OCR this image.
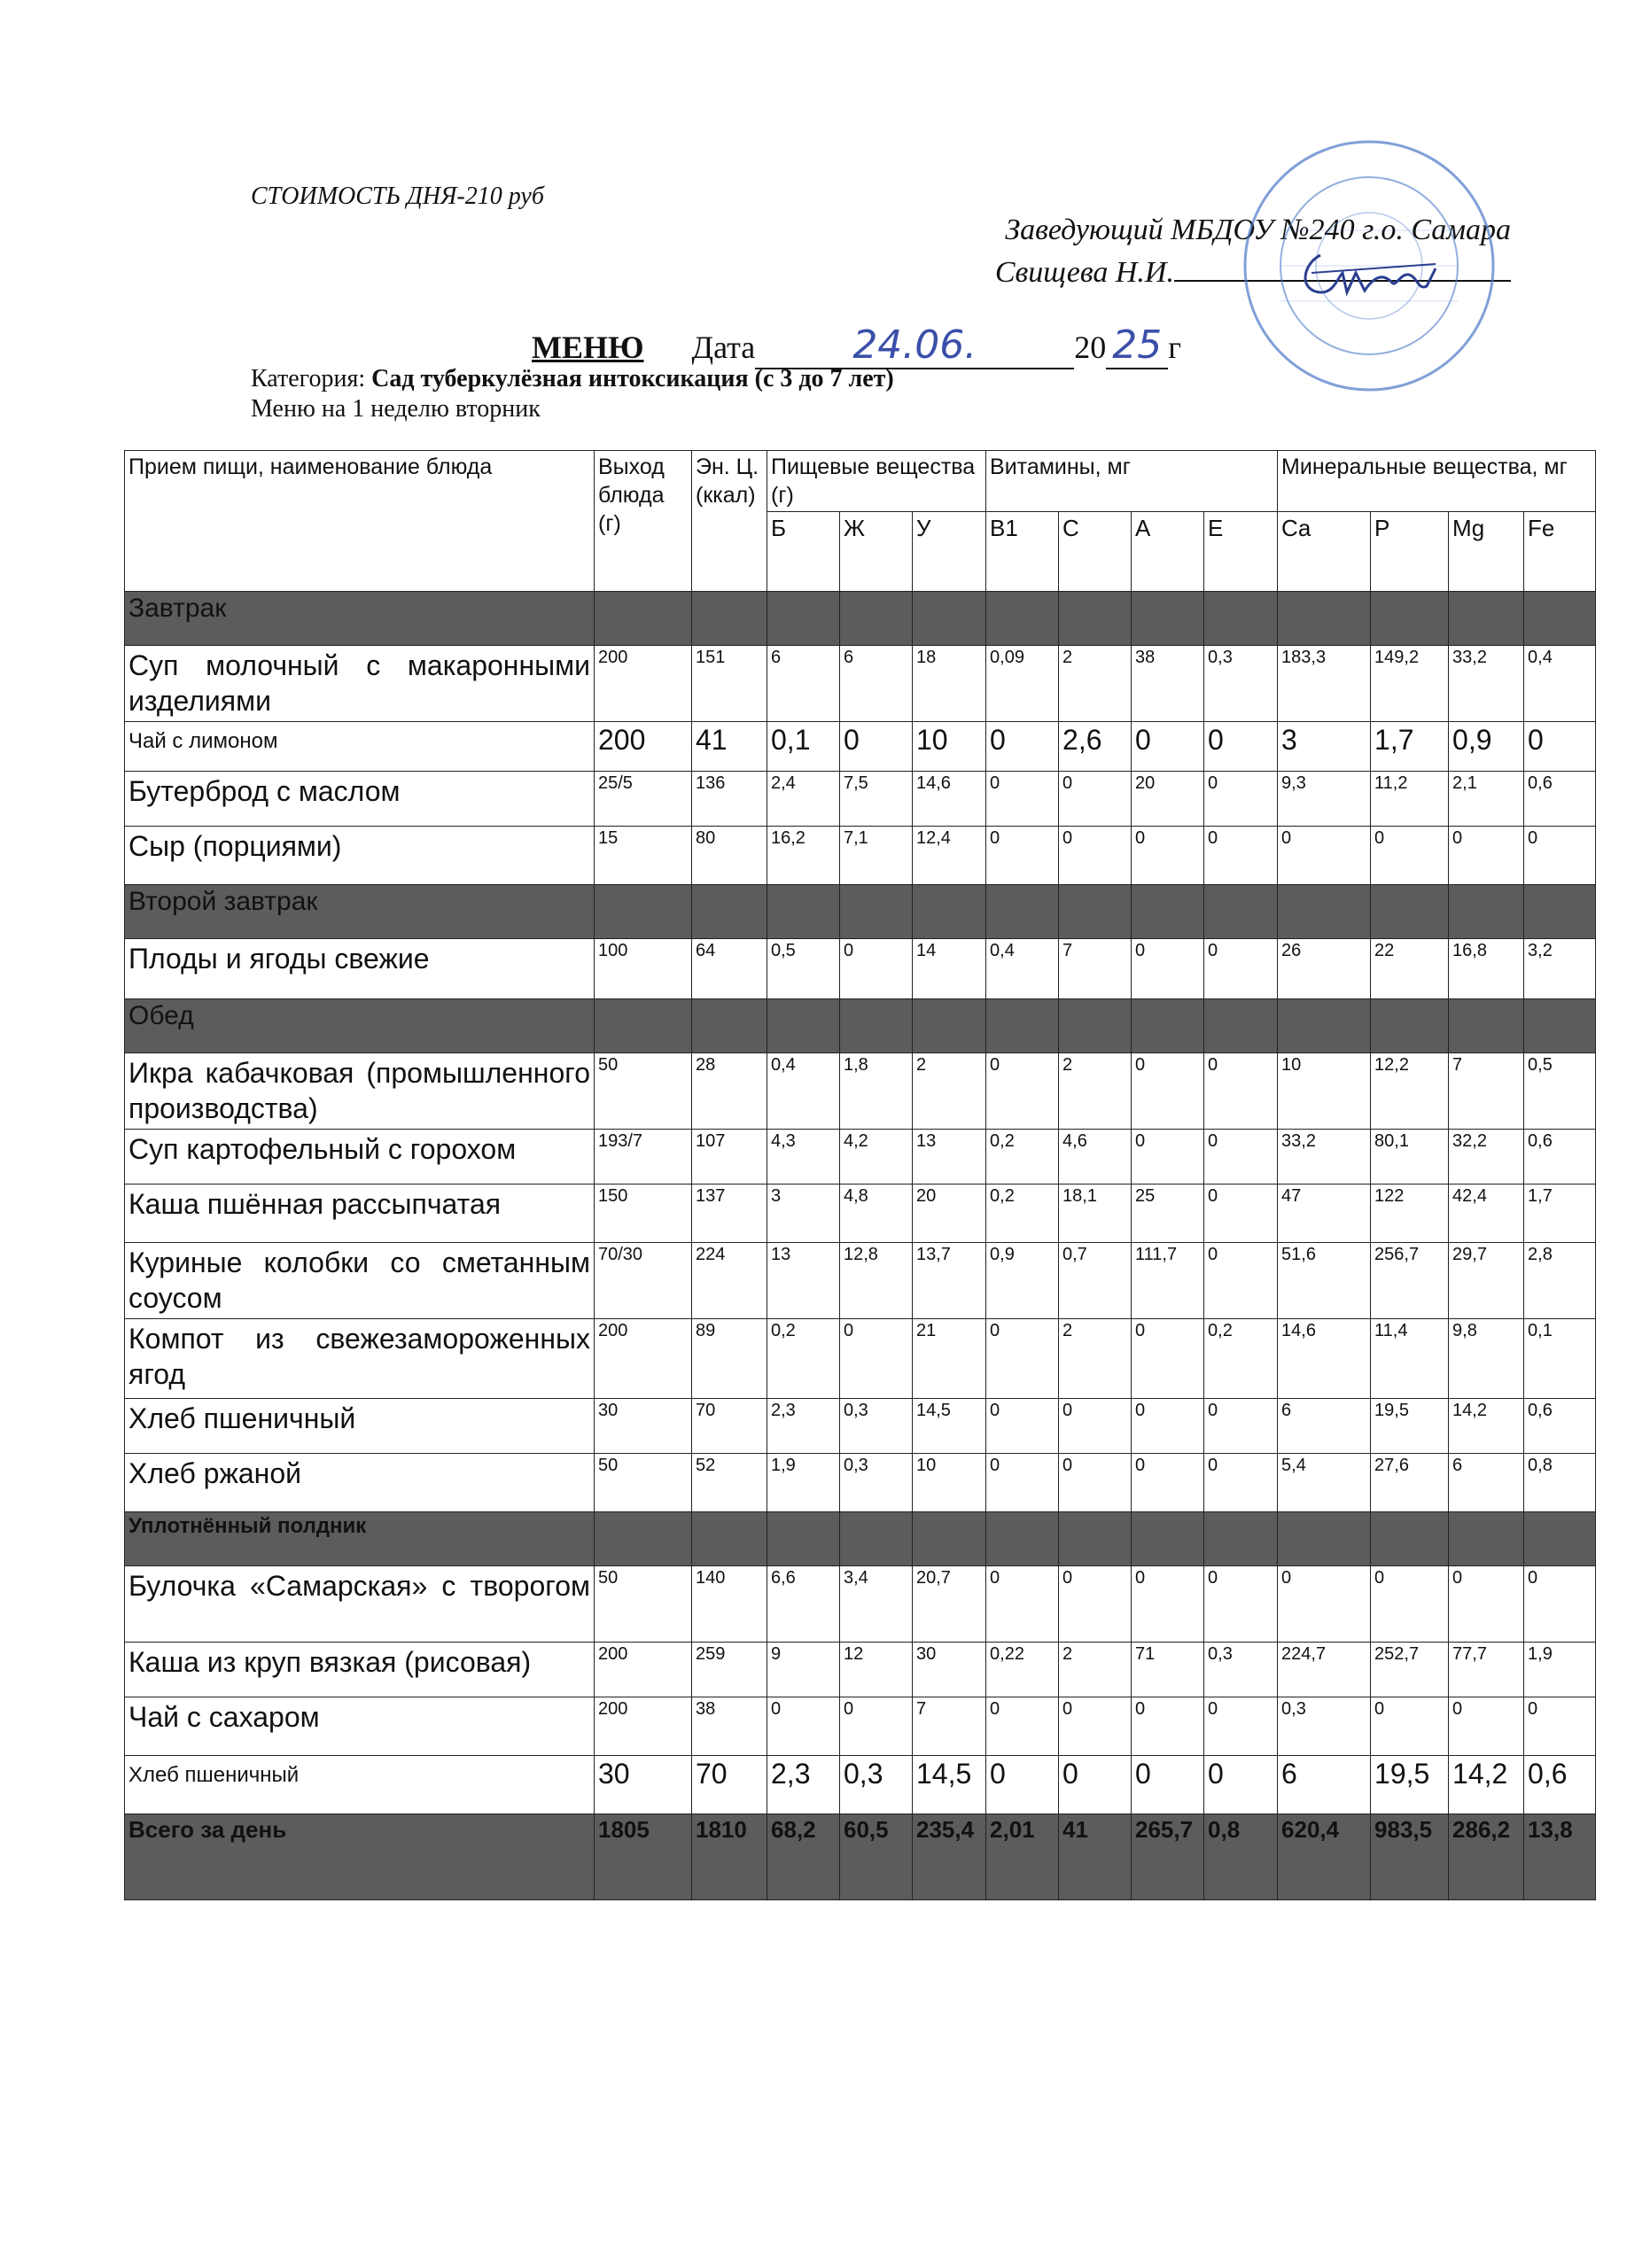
СТОИМОСТЬ ДНЯ-210 руб
Заведующий МБДОУ №240 г.о. Самара
Свищева Н.И.
МЕНЮ Дата	24.06.	20 25 г
Категория: Сад туберкулёзная интоксикация (с 3 до 7 лет)
Меню на 1 неделю вторник
Прием пищи, наименование блюда	Выход блюда (г)	Эн. Ц. (ккал)	Пищевые вещества (г)			Витамины, мг				Минеральные вещества, мг			
			Б	Ж	У	В1	С	А	Е	Ca	P	Mg	Fe
Завтрак													
Суп молочный с макаронными изделиями	200	151	6	6	18	0,09	2	38	0,3	183,3	149,2	33,2	0,4
Чай с лимоном	200	41	0,1	0	10	0	2,6	0	0	3	1,7	0,9	0
Бутерброд с маслом	25/5	136	2,4	7,5	14,6	0	0	20	0	9,3	11,2	2,1	0,6
Сыр (порциями)	15	80	16,2	7,1	12,4	0	0	0	0	0	0	0	0
Второй завтрак													
Плоды и ягоды свежие	100	64	0,5	0	14	0,4	7	0	0	26	22	16,8	3,2
Обед													
Икра кабачковая (промышленного производства)	50	28	0,4	1,8	2	0	2	0	0	10	12,2	7	0,5
Суп картофельный с горохом	193/7	107	4,3	4,2	13	0,2	4,6	0	0	33,2	80,1	32,2	0,6
Каша пшённая рассыпчатая	150	137	3	4,8	20	0,2	18,1	25	0	47	122	42,4	1,7
Куриные колобки со сметанным соусом	70/30	224	13	12,8	13,7	0,9	0,7	111,7	0	51,6	256,7	29,7	2,8
Компот из свежезамороженных ягод	200	89	0,2	0	21	0	2	0	0,2	14,6	11,4	9,8	0,1
Хлеб пшеничный	30	70	2,3	0,3	14,5	0	0	0	0	6	19,5	14,2	0,6
Хлеб ржаной	50	52	1,9	0,3	10	0	0	0	0	5,4	27,6	6	0,8
Уплотнённый полдник													
Булочка «Самарская» с творогом	50	140	6,6	3,4	20,7	0	0	0	0	0	0	0	0
Каша из круп вязкая (рисовая)	200	259	9	12	30	0,22	2	71	0,3	224,7	252,7	77,7	1,9
Чай с сахаром	200	38	0	0	7	0	0	0	0	0,3	0	0	0
Хлеб пшеничный	30	70	2,3	0,3	14,5	0	0	0	0	6	19,5	14,2	0,6
Всего за день	1805	1810	68,2	60,5	235,4	2,01	41	265,7	0,8	620,4	983,5	286,2	13,8
